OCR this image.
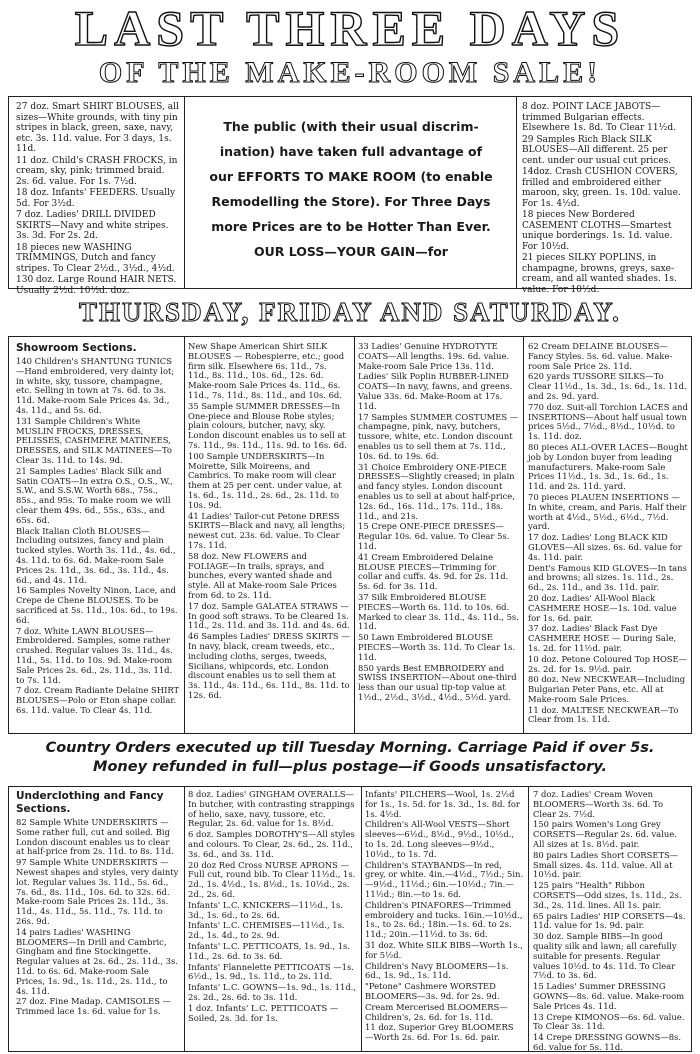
LAST THREE DAYS
OF THE MAKE-ROOM SALE!

27 doz. Smart SHIRT BLOUSES, all sizes—White grounds, with tiny pin stripes in black, green, saxe, navy, etc. 3s. 11d. value. For 3 days, 1s. 11d.

11 doz. Child's CRASH FROCKS, in cream, sky, pink; trimmed braid. 2s. 6d. value. For 1s. 7½d.

18 doz. Infants' FEEDERS. Usually 5d. For 3½d.

7 doz. Ladies' DRILL DIVIDED SKIRTS—Navy and white stripes. 3s. 3d. For 2s. 2d.

18 pieces new WASHING TRIMMINGS, Dutch and fancy stripes. To Clear 2½d., 3½d., 4½d.

130 doz. Large Round HAIR NETS. Usually 2½d. 10½d. doz.

The public (with their usual discrim-

ination) have taken full advantage of

our EFFORTS TO MAKE ROOM (to enable

Remodelling the Store). For Three Days

more Prices are to be Hotter Than Ever.

OUR LOSS—YOUR GAIN—for

8 doz. POINT LACE JABOTS—trimmed Bulgarian effects. Elsewhere 1s. 8d. To Clear 11½d.

29 Samples Rich Black SILK BLOUSES—All different. 25 per cent. under our usual cut prices.

14doz. Crash CUSHION COVERS, frilled and embroidered either maroon, sky, green. 1s. 10d. value. For 1s. 4½d.

18 pieces New Bordered CASEMENT CLOTHS—Smartest unique borderings. 1s. 1d. value. For 10½d.

21 pieces SILKY POPLINS, in champagne, browns, greys, saxe-cream, and all wanted shades. 1s. value. For 10½d.

THURSDAY, FRIDAY AND SATURDAY.
Showroom Sections.

140 Children's SHANTUNG TUNICS—Hand embroidered, very dainty lot; in white, sky, tussore, champagne, etc. Selling in town at 7s. 6d. to 3s. 11d. Make-room Sale Prices 4s. 3d., 4s. 11d., and 5s. 6d.

131 Sample Children's White MUSLIN FROCKS, DRESSES, PELISSES, CASHMERE MATINEES, DRESSES, and SILK MATINEES—To Clear 3s. 11d. to 14s. 9d.

21 Samples Ladies' Black Silk and Satin COATS—In extra O.S., O.S., W., S.W., and S.S.W. Worth 68s., 75s., 85s., and 95s. To make room we will clear them 49s. 6d., 55s., 63s., and 65s. 6d.

Black Italian Cloth BLOUSES—Including outsizes, fancy and plain tucked styles. Worth 3s. 11d., 4s. 6d., 4s. 11d. to 6s. 6d. Make-room Sale Prices 2s. 11d., 3s. 6d., 3s. 11d., 4s. 6d., and 4s. 11d.

16 Samples Novelty Ninon, Lace, and Crepe de Chene BLOUSES. To be sacrificed at 5s. 11d., 10s. 6d., to 19s. 6d.

7 doz. White LAWN BLOUSES—Embroidered. Samples, some rather crushed. Regular values 3s. 11d., 4s. 11d., 5s. 11d. to 10s. 9d. Make-room Sale Prices 2s. 6d., 2s. 11d., 3s. 11d. to 7s. 11d.

7 doz. Cream Radiante Delaine SHIRT BLOUSES—Polo or Eton shape collar. 6s. 11d. value. To Clear 4s. 11d.

New Shape American Shirt SILK BLOUSES — Robespierre, etc.; good firm silk. Elsewhere 6s. 11d., 7s. 11d., 8s. 11d., 10s. 6d., 12s. 6d. Make-room Sale Prices 4s. 11d., 6s. 11d., 7s. 11d., 8s. 11d., and 10s. 6d.

35 Sample SUMMER DRESSES—In One-piece and Blouse Robe styles; plain colours, butcher, navy, sky. London discount enables us to sell at 7s. 11d., 9s. 11d., 11s. 9d. to 16s. 6d.

100 Sample UNDERSKIRTS—In Moirette, Silk Moireens, and Cambrics. To make room will clear them at 25 per cent. under value, at 1s. 6d., 1s. 11d., 2s. 6d., 2s. 11d. to 10s. 9d.

41 Ladies' Tailor-cut Petone DRESS SKIRTS—Black and navy, all lengths; newest cut. 23s. 6d. value. To Clear 17s. 11d.

58 doz. New FLOWERS and FOLIAGE—In trails, sprays, and bunches, every wanted shade and style. All at Make-room Sale Prices from 6d. to 2s. 11d.

17 doz. Sample GALATEA STRAWS —In good soft straws. To be Cleared 1s. 11d., 2s. 11d. and 3s. 11d. and 4s. 6d.

46 Samples Ladies' DRESS SKIRTS —In navy, black, cream tweeds, etc., including cloths, serges, tweeds, Sicilians, whipcords, etc. London discount enables us to sell them at 3s. 11d., 4s. 11d., 6s. 11d., 8s. 11d. to 12s. 6d.

33 Ladies' Genuine HYDROTYTE COATS—All lengths. 19s. 6d. value. Make-room Sale Price 13s. 11d.

Ladies' Silk Poplin RUBBER-LINED COATS—In navy, fawns, and greens. Value 33s. 6d. Make-Room at 17s. 11d.

17 Samples SUMMER COSTUMES —champagne, pink, navy, butchers, tussore, white, etc. London discount enables us to sell them at 7s. 11d., 10s. 6d. to 19s. 6d.

31 Choice Embroidery ONE-PIECE DRESSES—Slightly creased; in plain and fancy styles. London discount enables us to sell at about half-price, 12s. 6d., 16s. 11d., 17s. 11d., 18s. 11d., and 21s.

15 Crepe ONE-PIECE DRESSES—Regular 10s. 6d. value. To Clear 5s. 11d.

41 Cream Embroidered Delaine BLOUSE PIECES—Trimming for collar and cuffs. 4s. 9d. for 2s. 11d. 5s. 6d. for 3s. 11d.

37 Silk Embroidered BLOUSE PIECES—Worth 6s. 11d. to 10s. 6d. Marked to clear 3s. 11d., 4s. 11d., 5s. 11d.

50 Lawn Embroidered BLOUSE PIECES—Worth 3s. 11d. To Clear 1s. 11d.

850 yards Best EMBROIDERY and SWISS INSERTION—About one-third less than our usual tip-top value at 1½d., 2½d., 3½d., 4½d., 5½d. yard.

62 Cream DELAINE BLOUSES—Fancy Styles. 5s. 6d. value. Make-room Sale Price 2s. 11d.

620 yards TUSSORE SILKS—To Clear 11½d., 1s. 3d., 1s. 6d., 1s. 11d. and 2s. 9d. yard.

770 doz. Suit-all Torchion LACES and INSERTIONS—About half usual town prices 5½d., 7½d., 8½d., 10½d. to 1s. 11d. doz.

80 pieces ALL-OVER LACES—Bought job by London buyer from leading manufacturers. Make-room Sale Prices 11½d., 1s. 3d., 1s. 6d., 1s. 11d. and 2s. 11d. yard.

70 pieces PLAUEN INSERTIONS —In white, cream, and Paris. Half their worth at 4½d., 5½d., 6½d., 7½d. yard.

17 doz. Ladies' Long BLACK KID GLOVES—All sizes. 6s. 6d. value for 4s. 11d. pair.

Dent's Famous KID GLOVES—In tans and browns; all sizes. 1s. 11d., 2s. 6d., 2s. 11d., and 3s. 11d. pair.

20 doz. Ladies' All-Wool Black CASHMERE HOSE—1s. 10d. value for 1s. 6d. pair.

37 doz. Ladies' Black Fast Dye CASHMERE HOSE — During Sale, 1s. 2d. for 11½d. pair.

10 doz. Petone Coloured Top HOSE—2s. 2d. for 1s. 9½d. pair.

80 doz. New NECKWEAR—Including Bulgarian Peter Pans, etc. All at Make-room Sale Prices.

11 doz. MALTESE NECKWEAR—To Clear from 1s. 11d.

Country Orders executed up till Tuesday Morning. Carriage Paid if over 5s.
Money refunded in full—plus postage—if Goods unsatisfactory.
Underclothing and Fancy Sections.

82 Sample White UNDERSKIRTS —Some rather full, cut and soiled. Big London discount enables us to clear at half-price from 2s. 11d. to 8s. 11d.

97 Sample White UNDERSKIRTS —Newest shapes and styles, very dainty lot. Regular values 3s. 11d., 5s. 6d., 7s. 6d., 8s. 11d., 10s. 6d. to 32s. 6d. Make-room Sale Prices 2s. 11d., 3s. 11d., 4s. 11d., 5s. 11d., 7s. 11d. to 26s. 9d.

14 pairs Ladies' WASHING BLOOMERS—In Drill and Cambric, Gingham and fine Stockingette. Regular values at 2s. 6d., 2s. 11d., 3s. 11d. to 6s. 6d. Make-room Sale Prices, 1s. 9d., 1s. 11d., 2s. 11d., to 4s. 11d.

27 doz. Fine Madap. CAMISOLES —Trimmed lace 1s. 6d. value for 1s.

8 doz. Ladies' GINGHAM OVERALLS—In butcher, with contrasting strappings of helio, saxe, navy, tussore, etc. Regular, 2s. 6d. value for 1s. 8½d.

6 doz. Samples DOROTHY'S—All styles and colours. To Clear, 2s. 6d., 2s. 11d., 3s. 6d., and 3s. 11d.

20 doz Red Cross NURSE APRONS —Full cut, round bib. To Clear 11½d., 1s. 2d., 1s. 4½d., 1s. 8½d., 1s. 10½d., 2s. 2d., 2s. 6d.

Infants' L.C. KNICKERS—11½d., 1s. 3d., 1s. 6d., to 2s. 6d.

Infants' L.C. CHEMISES—11½d., 1s. 2d., 1s. 4d., to 2s. 9d.

Infants' L.C. PETTICOATS, 1s. 9d., 1s. 11d., 2s. 6d. to 3s. 6d.

Infants' Flannelette PETTICOATS —1s. 6½d., 1s. 9d., 1s. 11d., to 2s. 11d.

Infants' L.C. GOWNS—1s. 9d., 1s. 11d., 2s. 2d., 2s. 6d. to 3s. 11d.

1 doz. Infants' L.C. PETTICOATS —Soiled, 2s. 3d. for 1s.

Infants' PILCHERS—Wool, 1s. 2½d for 1s., 1s. 5d. for 1s. 3d., 1s. 8d. for 1s. 4½d.

Children's All-Wool VESTS—Short sleeves—6½d., 8½d., 9½d., 10½d., to 1s. 2d. Long sleeves—9½d., 10½d., to 1s. 7d.

Children's STAYBANDS—In red, grey, or white. 4in.—4½d., 7½d.; 5in.—9½d., 11½d.; 6in.—10½d.; 7in.—11½d.; 8in.—to 1s. 6d.

Children's PINAFORES—Trimmed embroidery and tucks. 16in.—10½d., 1s., to 2s. 6d.; 18in.—1s. 6d. to 2s. 11d.; 20in.—11½d. to 3s. 6d.

31 doz. White SILK BIBS—Worth 1s., for 5½d.

Children's Navy BLOOMERS—1s. 6d., 1s. 9d., 1s. 11d.

"Petone" Cashmere WORSTED BLOOMERS—3s. 9d. for 2s. 9d.

Cream Mercerised BLOOMERS—Children's, 2s. 6d. for 1s. 11d.

11 doz. Superior Grey BLOOMERS —Worth 2s. 6d. For 1s. 6d. pair.

7 doz. Ladies' Cream Woven BLOOMERS—Worth 3s. 6d. To Clear 2s. 7½d.

150 pairs Women's Long Grey CORSETS—Regular 2s. 6d. value. All sizes at 1s. 8½d. pair.

80 pairs Ladies Short CORSETS—Small sizes. 4s. 11d. value. All at 10½d. pair.

125 pairs "Health" Ribbon CORSETS—Odd sizes, 1s. 11d., 2s. 3d., 2s. 11d. lines. All 1s. pair.

65 pairs Ladies' HIP CORSETS—4s. 11d. value for 1s. 9d. pair.

30 doz. Sample BIBS—In good quality silk and lawn; all carefully suitable for presents. Regular values 10½d. to 4s. 11d. To Clear 7½d. to 3s. 6d.

15 Ladies' Summer DRESSING GOWNS—8s. 6d. value. Make-room Sale Prices 4s. 11d.

13 Crepe KIMONOS—6s. 6d. value. To Clear 3s. 11d.

14 Crepe DRESSING GOWNS—8s. 6d. value for 5s. 11d.
